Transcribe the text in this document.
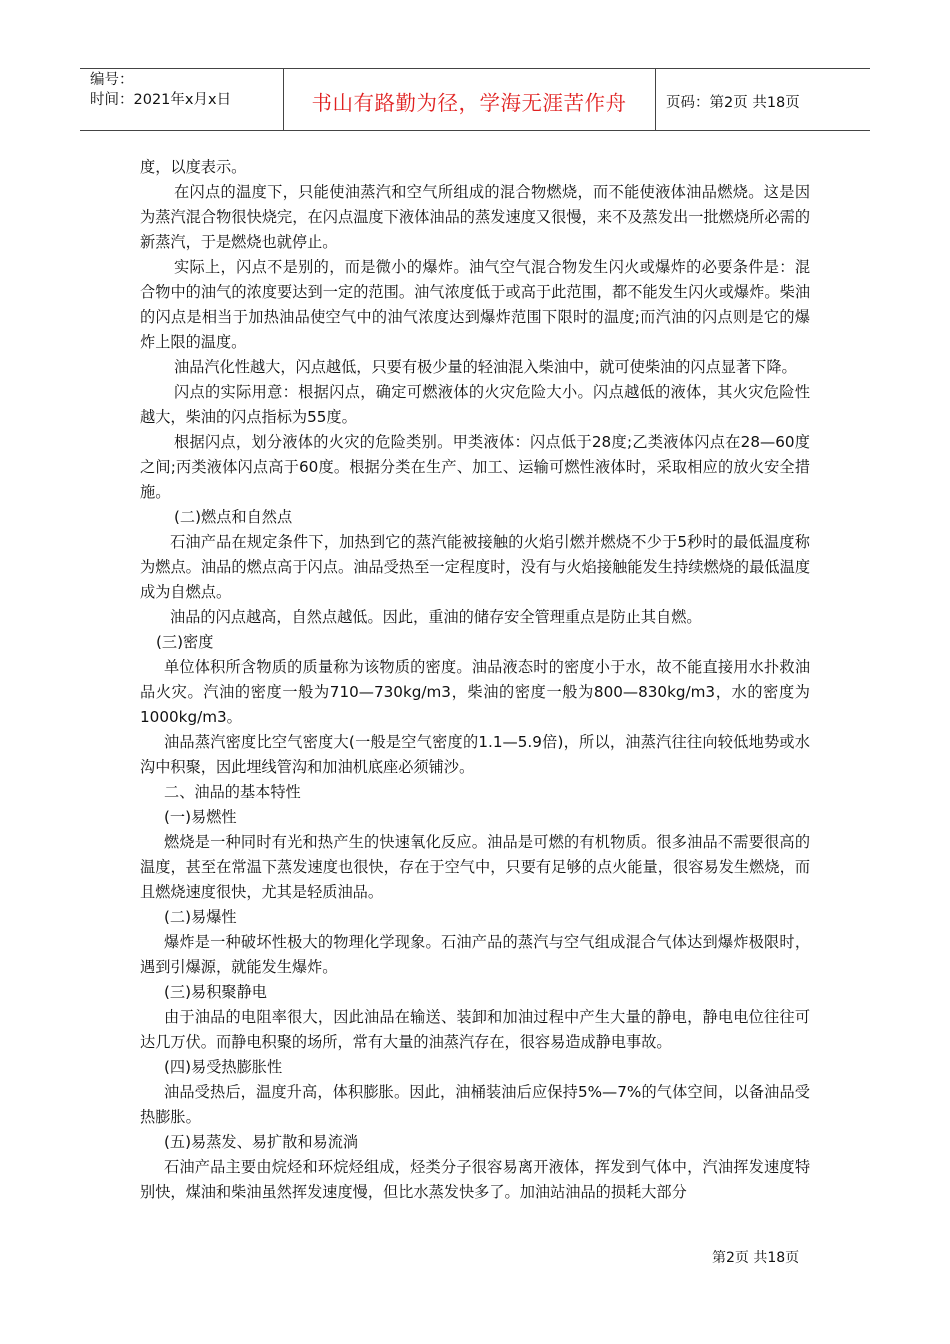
编号：
时间：2021年x月x日	书山有路勤为径，学海无涯苦作舟	页码：第2页 共18页

度，以度表示。

在闪点的温度下，只能使油蒸汽和空气所组成的混合物燃烧，而不能使液体油品燃烧。这是因为蒸汽混合物很快烧完，在闪点温度下液体油品的蒸发速度又很慢，来不及蒸发出一批燃烧所必需的新蒸汽，于是燃烧也就停止。

实际上，闪点不是别的，而是微小的爆炸。油气空气混合物发生闪火或爆炸的必要条件是：混合物中的油气的浓度要达到一定的范围。油气浓度低于或高于此范围，都不能发生闪火或爆炸。柴油的闪点是相当于加热油品使空气中的油气浓度达到爆炸范围下限时的温度;而汽油的闪点则是它的爆炸上限的温度。

油品汽化性越大，闪点越低，只要有极少量的轻油混入柴油中，就可使柴油的闪点显著下降。

闪点的实际用意：根据闪点，确定可燃液体的火灾危险大小。闪点越低的液体，其火灾危险性越大，柴油的闪点指标为55度。

根据闪点，划分液体的火灾的危险类别。甲类液体：闪点低于28度;乙类液体闪点在28—60度之间;丙类液体闪点高于60度。根据分类在生产、加工、运输可燃性液体时，采取相应的放火安全措施。

(二)燃点和自然点

石油产品在规定条件下，加热到它的蒸汽能被接触的火焰引燃并燃烧不少于5秒时的最低温度称为燃点。油品的燃点高于闪点。油品受热至一定程度时，没有与火焰接触能发生持续燃烧的最低温度成为自燃点。

油品的闪点越高，自然点越低。因此，重油的储存安全管理重点是防止其自燃。

(三)密度

单位体积所含物质的质量称为该物质的密度。油品液态时的密度小于水，故不能直接用水扑救油品火灾。汽油的密度一般为710—730kg/m3，柴油的密度一般为800—830kg/m3，水的密度为1000kg/m3。

油品蒸汽密度比空气密度大(一般是空气密度的1.1—5.9倍)，所以，油蒸汽往往向较低地势或水沟中积聚，因此埋线管沟和加油机底座必须铺沙。

二、油品的基本特性

(一)易燃性

燃烧是一种同时有光和热产生的快速氧化反应。油品是可燃的有机物质。很多油品不需要很高的温度，甚至在常温下蒸发速度也很快，存在于空气中，只要有足够的点火能量，很容易发生燃烧，而且燃烧速度很快，尤其是轻质油品。

(二)易爆性

爆炸是一种破坏性极大的物理化学现象。石油产品的蒸汽与空气组成混合气体达到爆炸极限时，遇到引爆源，就能发生爆炸。

(三)易积聚静电

由于油品的电阻率很大，因此油品在输送、装卸和加油过程中产生大量的静电，静电电位往往可达几万伏。而静电积聚的场所，常有大量的油蒸汽存在，很容易造成静电事故。

(四)易受热膨胀性

油品受热后，温度升高，体积膨胀。因此，油桶装油后应保持5%—7%的气体空间，以备油品受热膨胀。

(五)易蒸发、易扩散和易流淌

石油产品主要由烷烃和环烷烃组成，烃类分子很容易离开液体，挥发到气体中，汽油挥发速度特别快，煤油和柴油虽然挥发速度慢，但比水蒸发快多了。加油站油品的损耗大部分

第2页 共18页
